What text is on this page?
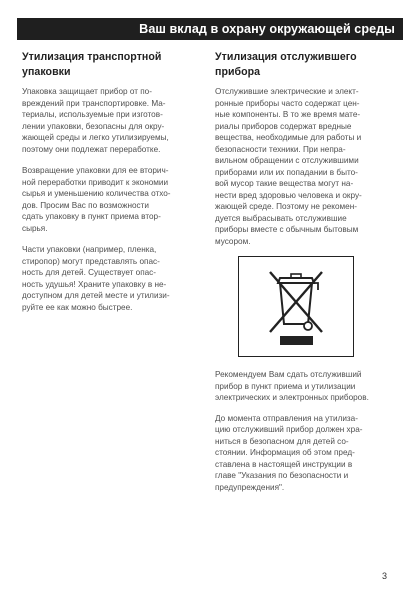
Ваш вклад в охрану окружающей среды
Утилизация транспортной
упаковки

Упаковка защищает прибор от по-
вреждений при транспортировке. Ма-
териалы, используемые при изготов-
лении упаковки, безопасны для окру-
жающей среды и легко утилизируемы,
поэтому они подлежат переработке.

Возвращение упаковки для ее вторич-
ной переработки приводит к экономии
сырья и уменьшению количества отхо-
дов. Просим Вас по возможности
сдать упаковку в пункт приема втор-
сырья.

Части упаковки (например, пленка,
стиропор) могут представлять опас-
ность для детей. Существует опас-
ность удушья! Храните упаковку в не-
доступном для детей месте и утилизи-
руйте ее как можно быстрее.

Утилизация отслужившего
прибора

Отслужившие электрические и элект-
ронные приборы часто содержат цен-
ные компоненты. В то же время мате-
риалы приборов содержат вредные
вещества, необходимые для работы и
безопасности техники. При непра-
вильном обращении с отслужившими
приборами или их попадании в быто-
вой мусор такие вещества могут на-
нести вред здоровью человека и окру-
жающей среде. Поэтому не рекомен-
дуется выбрасывать отслужившие
приборы вместе с обычным бытовым
мусором.

Рекомендуем Вам сдать отслуживший
прибор в пункт приема и утилизации
электрических и электронных приборов.

До момента отправления на утилиза-
цию отслуживший прибор должен хра-
ниться в безопасном для детей со-
стоянии. Информация об этом пред-
ставлена в настоящей инструкции в
главе "Указания по безопасности и
предупреждения".

3
